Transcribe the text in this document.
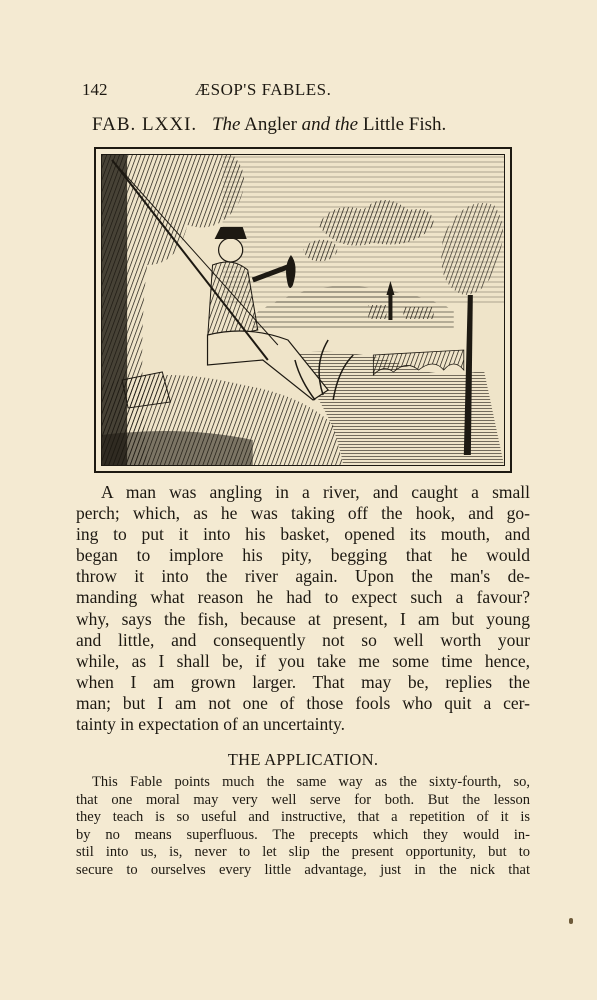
142	ÆSOP'S FABLES.
FAB. LXXI. The Angler and the Little Fish.

A man was angling in a river, and caught a small

perch; which, as he was taking off the hook, and go-

ing to put it into his basket, opened its mouth, and

began to implore his pity, begging that he would

throw it into the river again. Upon the man's de-

manding what reason he had to expect such a favour?

why, says the fish, because at present, I am but young

and little, and consequently not so well worth your

while, as I shall be, if you take me some time hence,

when I am grown larger. That may be, replies the

man; but I am not one of those fools who quit a cer-

tainty in expectation of an uncertainty.

THE APPLICATION.

This Fable points much the same way as the sixty-fourth, so,

that one moral may very well serve for both. But the lesson

they teach is so useful and instructive, that a repetition of it is

by no means superfluous. The precepts which they would in-

stil into us, is, never to let slip the present opportunity, but to

secure to ourselves every little advantage, just in the nick that
